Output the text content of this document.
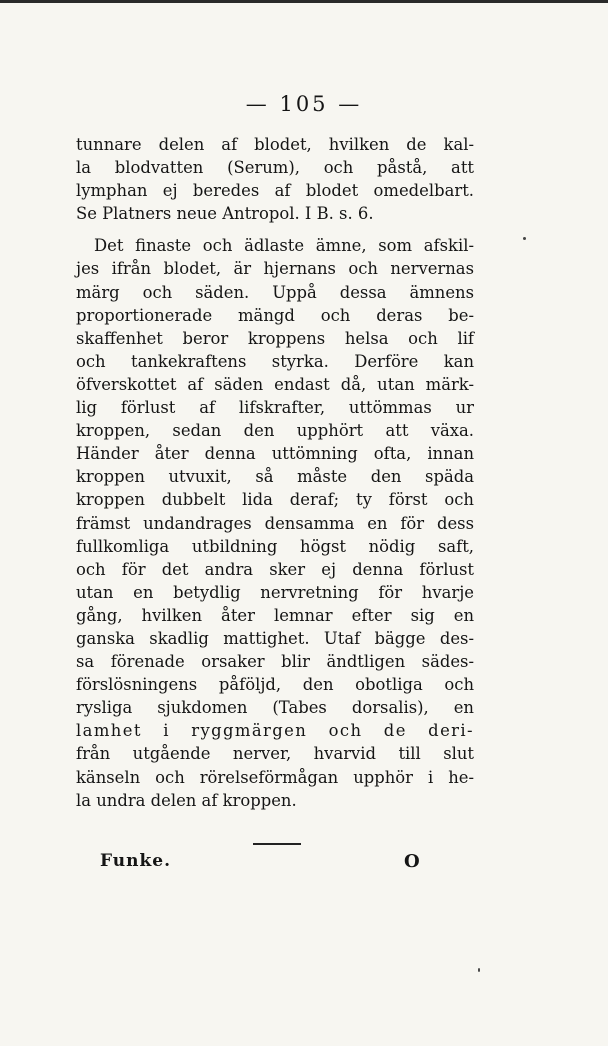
— 105 —
tunnare delen af blodet, hvilken de kal-
la blodvatten (Serum), och påstå, att
lymphan ej beredes af blodet omedelbart.
Se Platners neue Antropol. I B. s. 6.
Det finaste och ädlaste ämne, som afskil-
jes ifrån blodet, är hjernans och nervernas
märg och säden. Uppå dessa ämnens
proportionerade mängd och deras be-
skaffenhet beror kroppens helsa och lif
och tankekraftens styrka. Derföre kan
öfverskottet af säden endast då, utan märk-
lig förlust af lifskrafter, uttömmas ur
kroppen, sedan den upphört att växa.
Händer åter denna uttömning ofta, innan
kroppen utvuxit, så måste den späda
kroppen dubbelt lida deraf; ty först och
främst undandrages densamma en för dess
fullkomliga utbildning högst nödig saft,
och för det andra sker ej denna förlust
utan en betydlig nervretning för hvarje
gång, hvilken åter lemnar efter sig en
ganska skadlig mattighet. Utaf bägge des-
sa förenade orsaker blir ändtligen sädes-
förslösningens påföljd, den obotliga och
rysliga sjukdomen (Tabes dorsalis), en
lamhet i ryggmärgen och de deri-
från utgående nerver, hvarvid till slut
känseln och rörelseförmågan upphör i he-
la undra delen af kroppen.
Funke.	O
